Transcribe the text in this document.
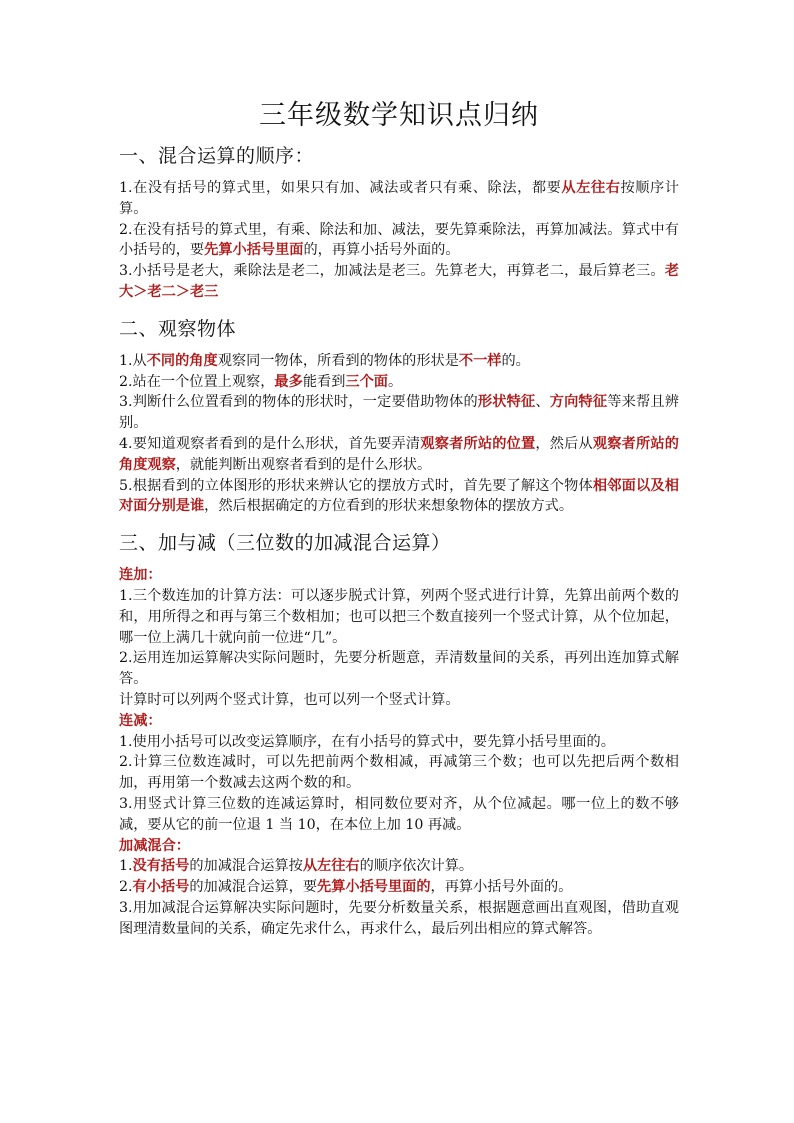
三年级数学知识点归纳
一、混合运算的顺序：
1.在没有括号的算式里，如果只有加、减法或者只有乘、除法，都要从左往右按顺序计算。
2.在没有括号的算式里，有乘、除法和加、减法，要先算乘除法，再算加减法。算式中有小括号的，要先算小括号里面的，再算小括号外面的。
3.小括号是老大，乘除法是老二，加减法是老三。先算老大，再算老二，最后算老三。老大＞老二＞老三
二、观察物体
1.从不同的角度观察同一物体，所看到的物体的形状是不一样的。
2.站在一个位置上观察，最多能看到三个面。
3.判断什么位置看到的物体的形状时，一定要借助物体的形状特征、方向特征等来帮且辨别。
4.要知道观察者看到的是什么形状，首先要弄清观察者所站的位置，然后从观察者所站的角度观察，就能判断出观察者看到的是什么形状。
5.根据看到的立体图形的形状来辨认它的摆放方式时，首先要了解这个物体相邻面以及相对面分别是谁，然后根据确定的方位看到的形状来想象物体的摆放方式。
三、加与减（三位数的加减混合运算）
连加：
1.三个数连加的计算方法：可以逐步脱式计算，列两个竖式进行计算，先算出前两个数的和，用所得之和再与第三个数相加；也可以把三个数直接列一个竖式计算，从个位加起，哪一位上满几十就向前一位进“几”。
2.运用连加运算解决实际问题时，先要分析题意，弄清数量间的关系，再列出连加算式解答。
计算时可以列两个竖式计算，也可以列一个竖式计算。
连减：
1.使用小括号可以改变运算顺序，在有小括号的算式中，要先算小括号里面的。
2.计算三位数连减时，可以先把前两个数相减，再减第三个数；也可以先把后两个数相加，再用第一个数减去这两个数的和。
3.用竖式计算三位数的连减运算时，相同数位要对齐，从个位减起。哪一位上的数不够减，要从它的前一位退 1 当 10，在本位上加 10 再减。
加减混合：
1.没有括号的加减混合运算按从左往右的顺序依次计算。
2.有小括号的加减混合运算，要先算小括号里面的，再算小括号外面的。
3.用加减混合运算解决实际问题时，先要分析数量关系，根据题意画出直观图，借助直观图理清数量间的关系，确定先求什么，再求什么，最后列出相应的算式解答。
